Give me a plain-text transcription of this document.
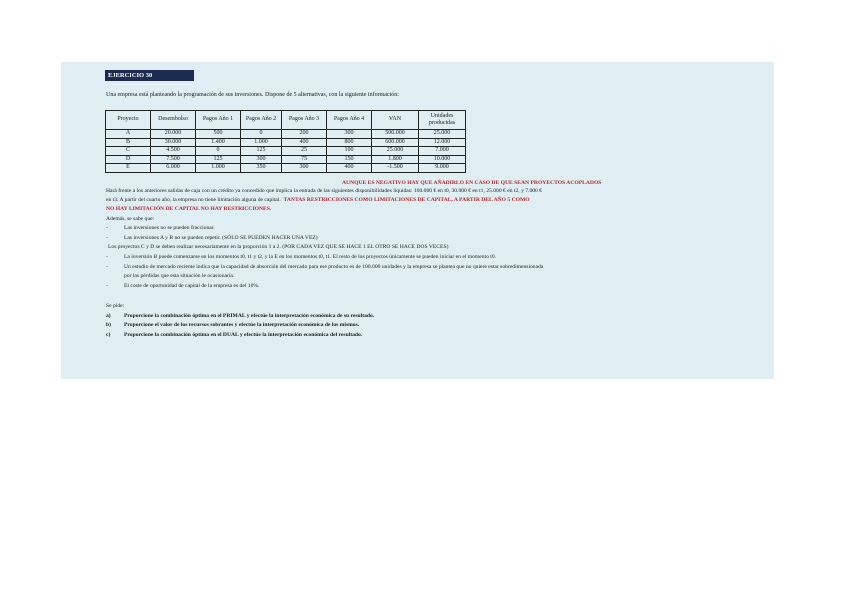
EJERCICIO 30
Una empresa está planteando la programación de sus inversiones. Dispone de 5 alternativas, con la siguiente información:
Proyecto	Desembolso	Pagos Año 1	Pagos Año 2	Pagos Año 3	Pagos Año 4	VAN	Unidades producidas
A	20.000	500	0	200	300	500.000	25.000
B	30.000	1.400	1.000	400	800	600.000	12.000
C	4.500	0	125	25	100	25.000	7.000
D	7.500	125	300	75	150	1.800	10.000
E	6.000	1.000	350	300	400	-1.500	9.000
AUNQUE ES NEGATIVO HAY QUE AÑADIRLO EN CASO DE QUE SEAN PROYECTOS ACOPLADOS
Hará frente a los anteriores salidas de caja con un crédito ya concedido que implica la entrada de las siguientes disponibilidades líquidas: 100.000 € en t0, 30.000 € en t1, 25.000 € en t2, y 7.000 €
en t3. A partir del cuarto año, la empresa no tiene limitación alguna de capital. TANTAS RESTRICCIONES COMO LIMITACIONES DE CAPITAL, A PARTIR DEL AÑO 5 COMO
NO HAY LIMITACIÓN DE CAPITAL NO HAY RESTRICCIONES.
Además, se sabe que:
-	Las inversiones no se pueden fraccionar.
-	Las inversiones A y B no se pueden repetir. (SÓLO SE PUEDEN HACER UNA VEZ)
Los proyectos C y D se deben realizar necesariamente en la proporción 1 a 2. (POR CADA VEZ QUE SE HACE 1 EL OTRO SE HACE DOS VECES)
-	La inversión B puede comenzarse en los momentos t0, t1 y t2, y la E en los momentos t0, t1. El resto de los proyectos únicamente se pueden iniciar en el momento t0.
-	Un estudio de mercado reciente indica que la capacidad de absorción del mercado para ese producto es de 100.000 unidades y la empresa se plantea que no quiere estar sobredimensionada
por las pérdidas que esta situación le ocasionaría.
-	El coste de oportunidad de capital de la empresa es del 10%.
Se pide:
a) Proporcione la combinación óptima en el PRIMAL y efectúe la interpretación económica de su resultado.
b) Proporcione el valor de los recursos sobrantes y efectúe la interpretación económica de los mismos.
c) Proporcione la combinación óptima en el DUAL y efectúe la interpretación económica del resultado.
